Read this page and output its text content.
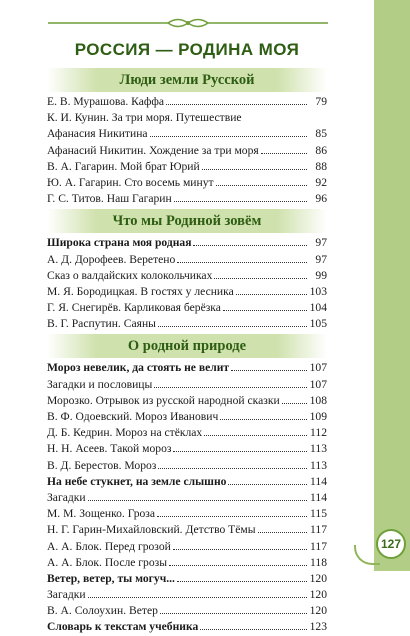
127
РОССИЯ — РОДИНА МОЯ
Люди земли Русской
Е. В. Мурашова. Каффа	79
К. И. Кунин. За три моря. Путешествие
Афанасия Никитина	85
Афанасий Никитин. Хождение за три моря	86
В. А. Гагарин. Мой брат Юрий	88
Ю. А. Гагарин. Сто восемь минут	92
Г. С. Титов. Наш Гагарин	96
Что мы Родиной зовём
Широка страна моя родная	97
А. Д. Дорофеев. Веретено	97
Сказ о валдайских колокольчиках	99
М. Я. Бородицкая. В гостях у лесника	103
Г. Я. Снегирёв. Карликовая берёзка	104
В. Г. Распутин. Саяны	105
О родной природе
Мороз невелик, да стоять не велит	107
Загадки и пословицы	107
Морозко. Отрывок из русской народной сказки	108
В. Ф. Одоевский. Мороз Иванович	109
Д. Б. Кедрин. Мороз на стёклах	112
Н. Н. Асеев. Такой мороз	113
В. Д. Берестов. Мороз	113
На небе стукнет, на земле слышно	114
Загадки	114
М. М. Зощенко. Гроза	115
Н. Г. Гарин-Михайловский. Детство Тёмы	117
А. А. Блок. Перед грозой	117
А. А. Блок. После грозы	118
Ветер, ветер, ты могуч...	120
Загадки	120
В. А. Солоухин. Ветер	120
Словарь к текстам учебника	123
